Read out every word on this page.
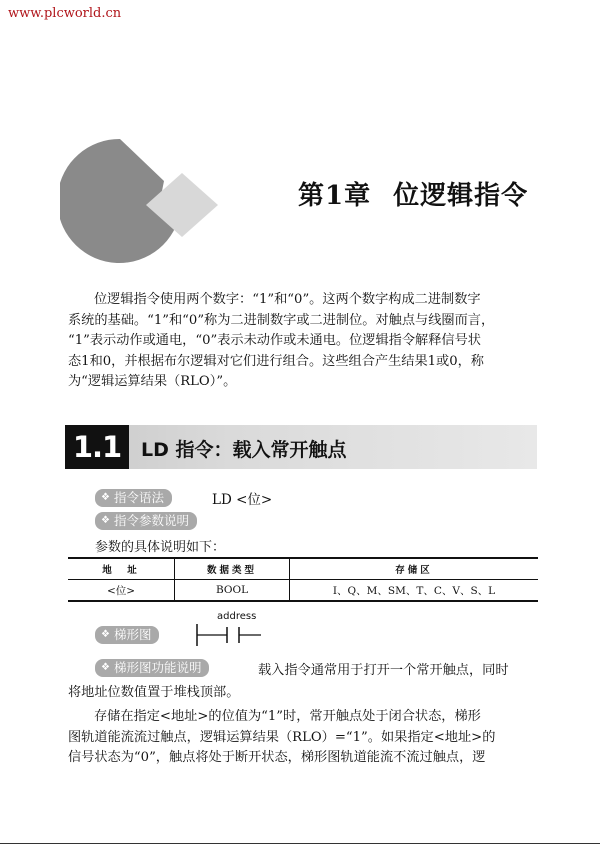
www.plcworld.cn
第1章 位逻辑指令

位逻辑指令使用两个数字：“1”和“0”。这两个数字构成二进制数字

系统的基础。“1”和“0”称为二进制数字或二进制位。对触点与线圈而言，

“1”表示动作或通电，“0”表示未动作或未通电。位逻辑指令解释信号状

态1和0，并根据布尔逻辑对它们进行组合。这些组合产生结果1或0，称

为“逻辑运算结果（RLO）”。

1.1	LD 指令：载入常开触点
❖ 指令语法	LD <位>
❖ 指令参数说明
参数的具体说明如下：
地　址	数据类型	存储区
<位>	BOOL	I、Q、M、SM、T、C、V、S、L
❖ 梯形图
address
❖ 梯形图功能说明	载入指令通常用于打开一个常开触点，同时
将地址位数值置于堆栈顶部。

存储在指定<地址>的位值为“1”时，常开触点处于闭合状态，梯形

图轨道能流流过触点，逻辑运算结果（RLO）=“1”。如果指定<地址>的

信号状态为“0”，触点将处于断开状态，梯形图轨道能流不流过触点，逻
